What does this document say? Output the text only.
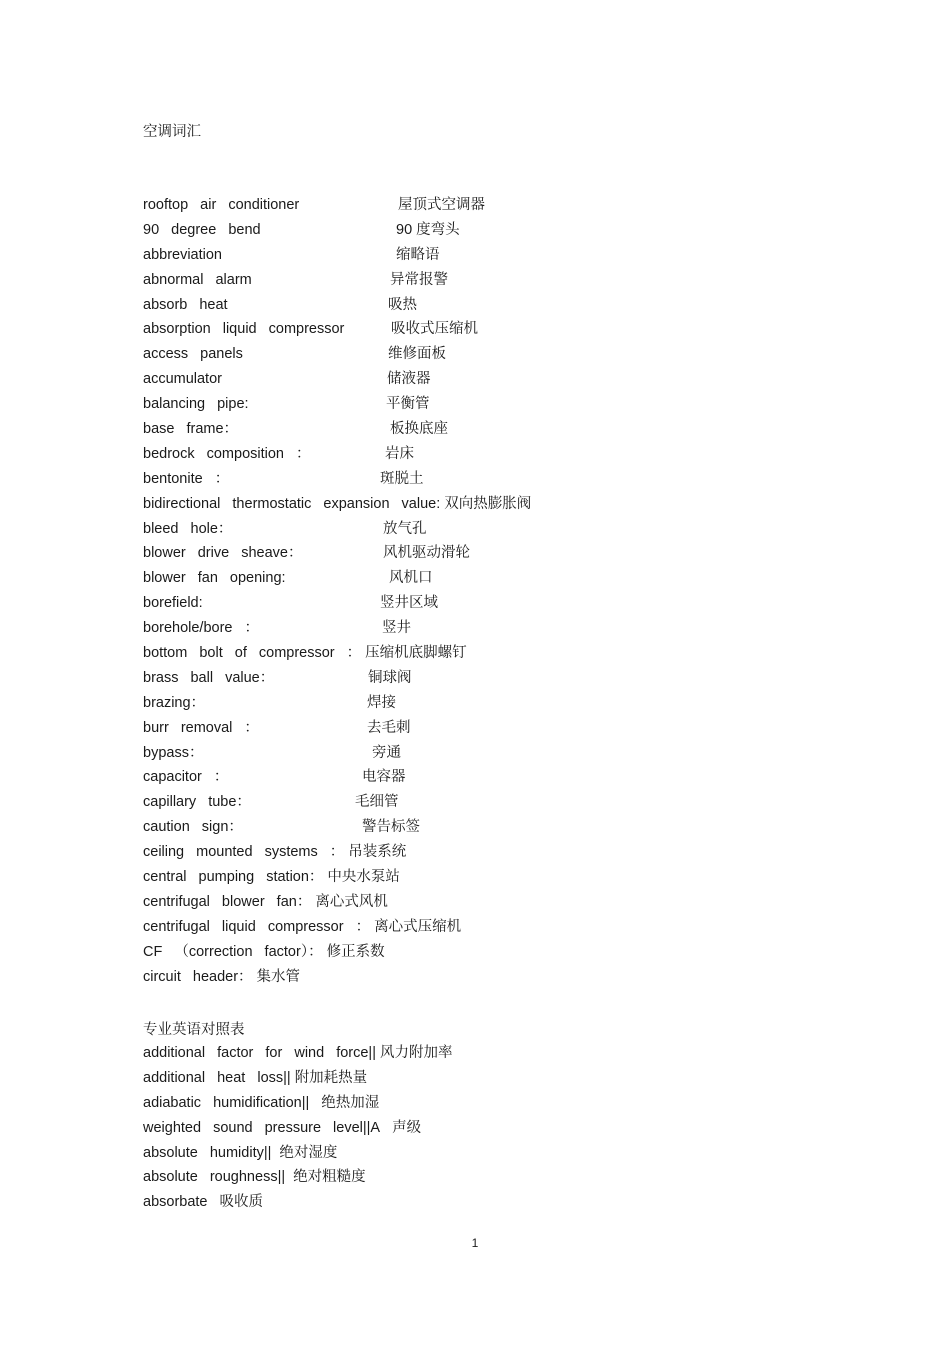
空调词汇
rooftop air conditioner	屋顶式空调器
90 degree bend	90 度弯头
abbreviation	缩略语
abnormal alarm	异常报警
absorb heat	吸热
absorption liquid compressor	吸收式压缩机
access panels	维修面板
accumulator	储液器
balancing pipe:	平衡管
base frame：	板换底座
bedrock composition ：	岩床
bentonite ：	斑脱土
bidirectional thermostatic expansion value: 双向热膨胀阀
bleed hole：	放气孔
blower drive sheave：	风机驱动滑轮
blower fan opening:	风机口
borefield:	竖井区域
borehole/bore ：	竖井
bottom bolt of compressor ： 压缩机底脚螺钉
brass ball value：	铜球阀
brazing：	焊接
burr removal ：	去毛刺
bypass：	旁通
capacitor ：	电容器
capillary tube：	毛细管
caution sign：	警告标签
ceiling mounted systems ： 吊装系统
central pumping station： 中央水泵站
centrifugal blower fan： 离心式风机
centrifugal liquid compressor ： 离心式压缩机
CF （correction factor）： 修正系数
circuit header： 集水管
专业英语对照表
additional factor for wind force|| 风力附加率
additional heat loss|| 附加耗热量
adiabatic humidification|| 绝热加湿
weighted sound pressure level||A 声级
absolute humidity|| 绝对湿度
absolute roughness|| 绝对粗糙度
absorbate 吸收质
1
